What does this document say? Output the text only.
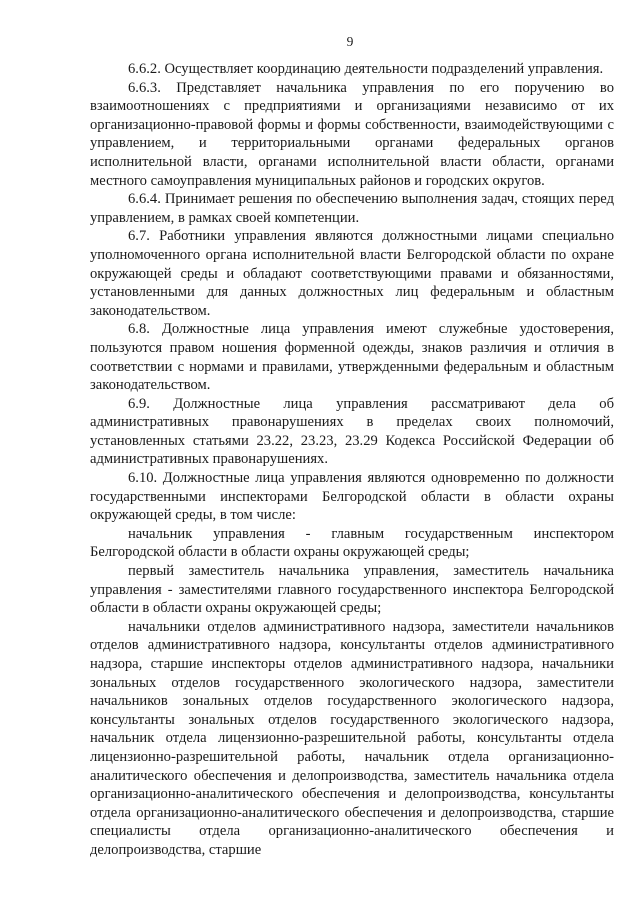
9

6.6.2. Осуществляет координацию деятельности подразделений управления.

6.6.3. Представляет начальника управления по его поручению во взаимоотношениях с предприятиями и организациями независимо от их организационно-правовой формы и формы собственности, взаимодействующими с управлением, и территориальными органами федеральных органов исполнительной власти, органами исполнительной власти области, органами местного самоуправления муниципальных районов и городских округов.

6.6.4. Принимает решения по обеспечению выполнения задач, стоящих перед управлением, в рамках своей компетенции.

6.7. Работники управления являются должностными лицами специально уполномоченного органа исполнительной власти Белгородской области по охране окружающей среды и обладают соответствующими правами и обязанностями, установленными для данных должностных лиц федеральным и областным законодательством.

6.8. Должностные лица управления имеют служебные удостоверения, пользуются правом ношения форменной одежды, знаков различия и отличия в соответствии с нормами и правилами, утвержденными федеральным и областным законодательством.

6.9. Должностные лица управления рассматривают дела об административных правонарушениях в пределах своих полномочий, установленных статьями 23.22, 23.23, 23.29 Кодекса Российской Федерации об административных правонарушениях.

6.10. Должностные лица управления являются одновременно по должности государственными инспекторами Белгородской области в области охраны окружающей среды, в том числе:

начальник управления - главным государственным инспектором Белгородской области в области охраны окружающей среды;

первый заместитель начальника управления, заместитель начальника управления - заместителями главного государственного инспектора Белгородской области в области охраны окружающей среды;

начальники отделов административного надзора, заместители начальников отделов административного надзора, консультанты отделов административного надзора, старшие инспекторы отделов административного надзора, начальники зональных отделов государственного экологического надзора, заместители начальников зональных отделов государственного экологического надзора, консультанты зональных отделов государственного экологического надзора, начальник отдела лицензионно-разрешительной работы, консультанты отдела лицензионно-разрешительной работы, начальник отдела организационно-аналитического обеспечения и делопроизводства, заместитель начальника отдела организационно-аналитического обеспечения и делопроизводства, консультанты отдела организационно-аналитического обеспечения и делопроизводства, старшие специалисты отдела организационно-аналитического обеспечения и делопроизводства, старшие
